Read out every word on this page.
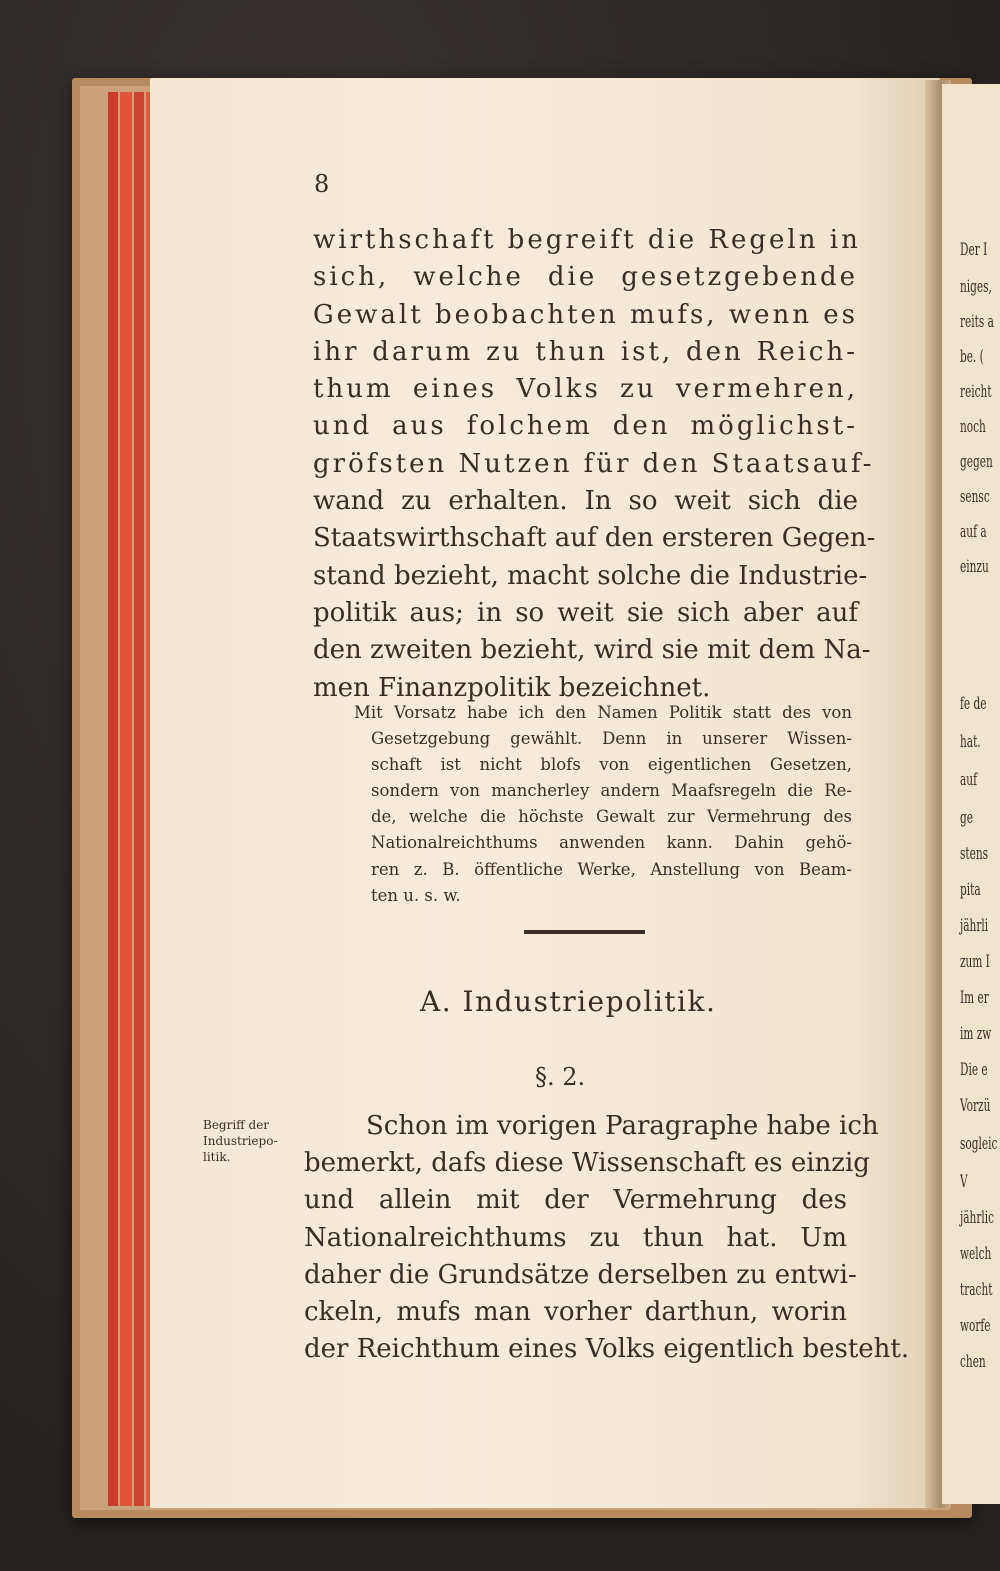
Der I
niges,
reits a
be. (
reicht
noch
gegen
sensc
auf a
einzu
fe de
hat.
auf
ge
stens
pita
jährli
zum I
Im er
im zw
Die e
Vorzü
sogleic
V
jährlic
welch
tracht
worfe
chen
8
wirthschaft begreift die Regeln in
sich, welche die gesetzgebende
Gewalt beobachten mufs, wenn es
ihr darum zu thun ist, den Reich-
thum eines Volks zu vermehren,
und aus folchem den möglichst-
gröfsten Nutzen für den Staatsauf-
wand zu erhalten. In so weit sich die
Staatswirthschaft auf den ersteren Gegen-
stand bezieht, macht solche die Industrie-
politik aus; in so weit sie sich aber auf
den zweiten bezieht, wird sie mit dem Na-
men Finanzpolitik bezeichnet.
Mit Vorsatz habe ich den Namen Politik statt des von
Gesetzgebung gewählt. Denn in unserer Wissen-
schaft ist nicht blofs von eigentlichen Gesetzen,
sondern von mancherley andern Maafsregeln die Re-
de, welche die höchste Gewalt zur Vermehrung des
Nationalreichthums anwenden kann. Dahin gehö-
ren z. B. öffentliche Werke, Anstellung von Beam-
ten u. s. w.
A. Industriepolitik.
§. 2.
Begriff der
Industriepo-
litik.
Schon im vorigen Paragraphe habe ich
bemerkt, dafs diese Wissenschaft es einzig
und allein mit der Vermehrung des
Nationalreichthums zu thun hat. Um
daher die Grundsätze derselben zu entwi-
ckeln, mufs man vorher darthun, worin
der Reichthum eines Volks eigentlich besteht.
